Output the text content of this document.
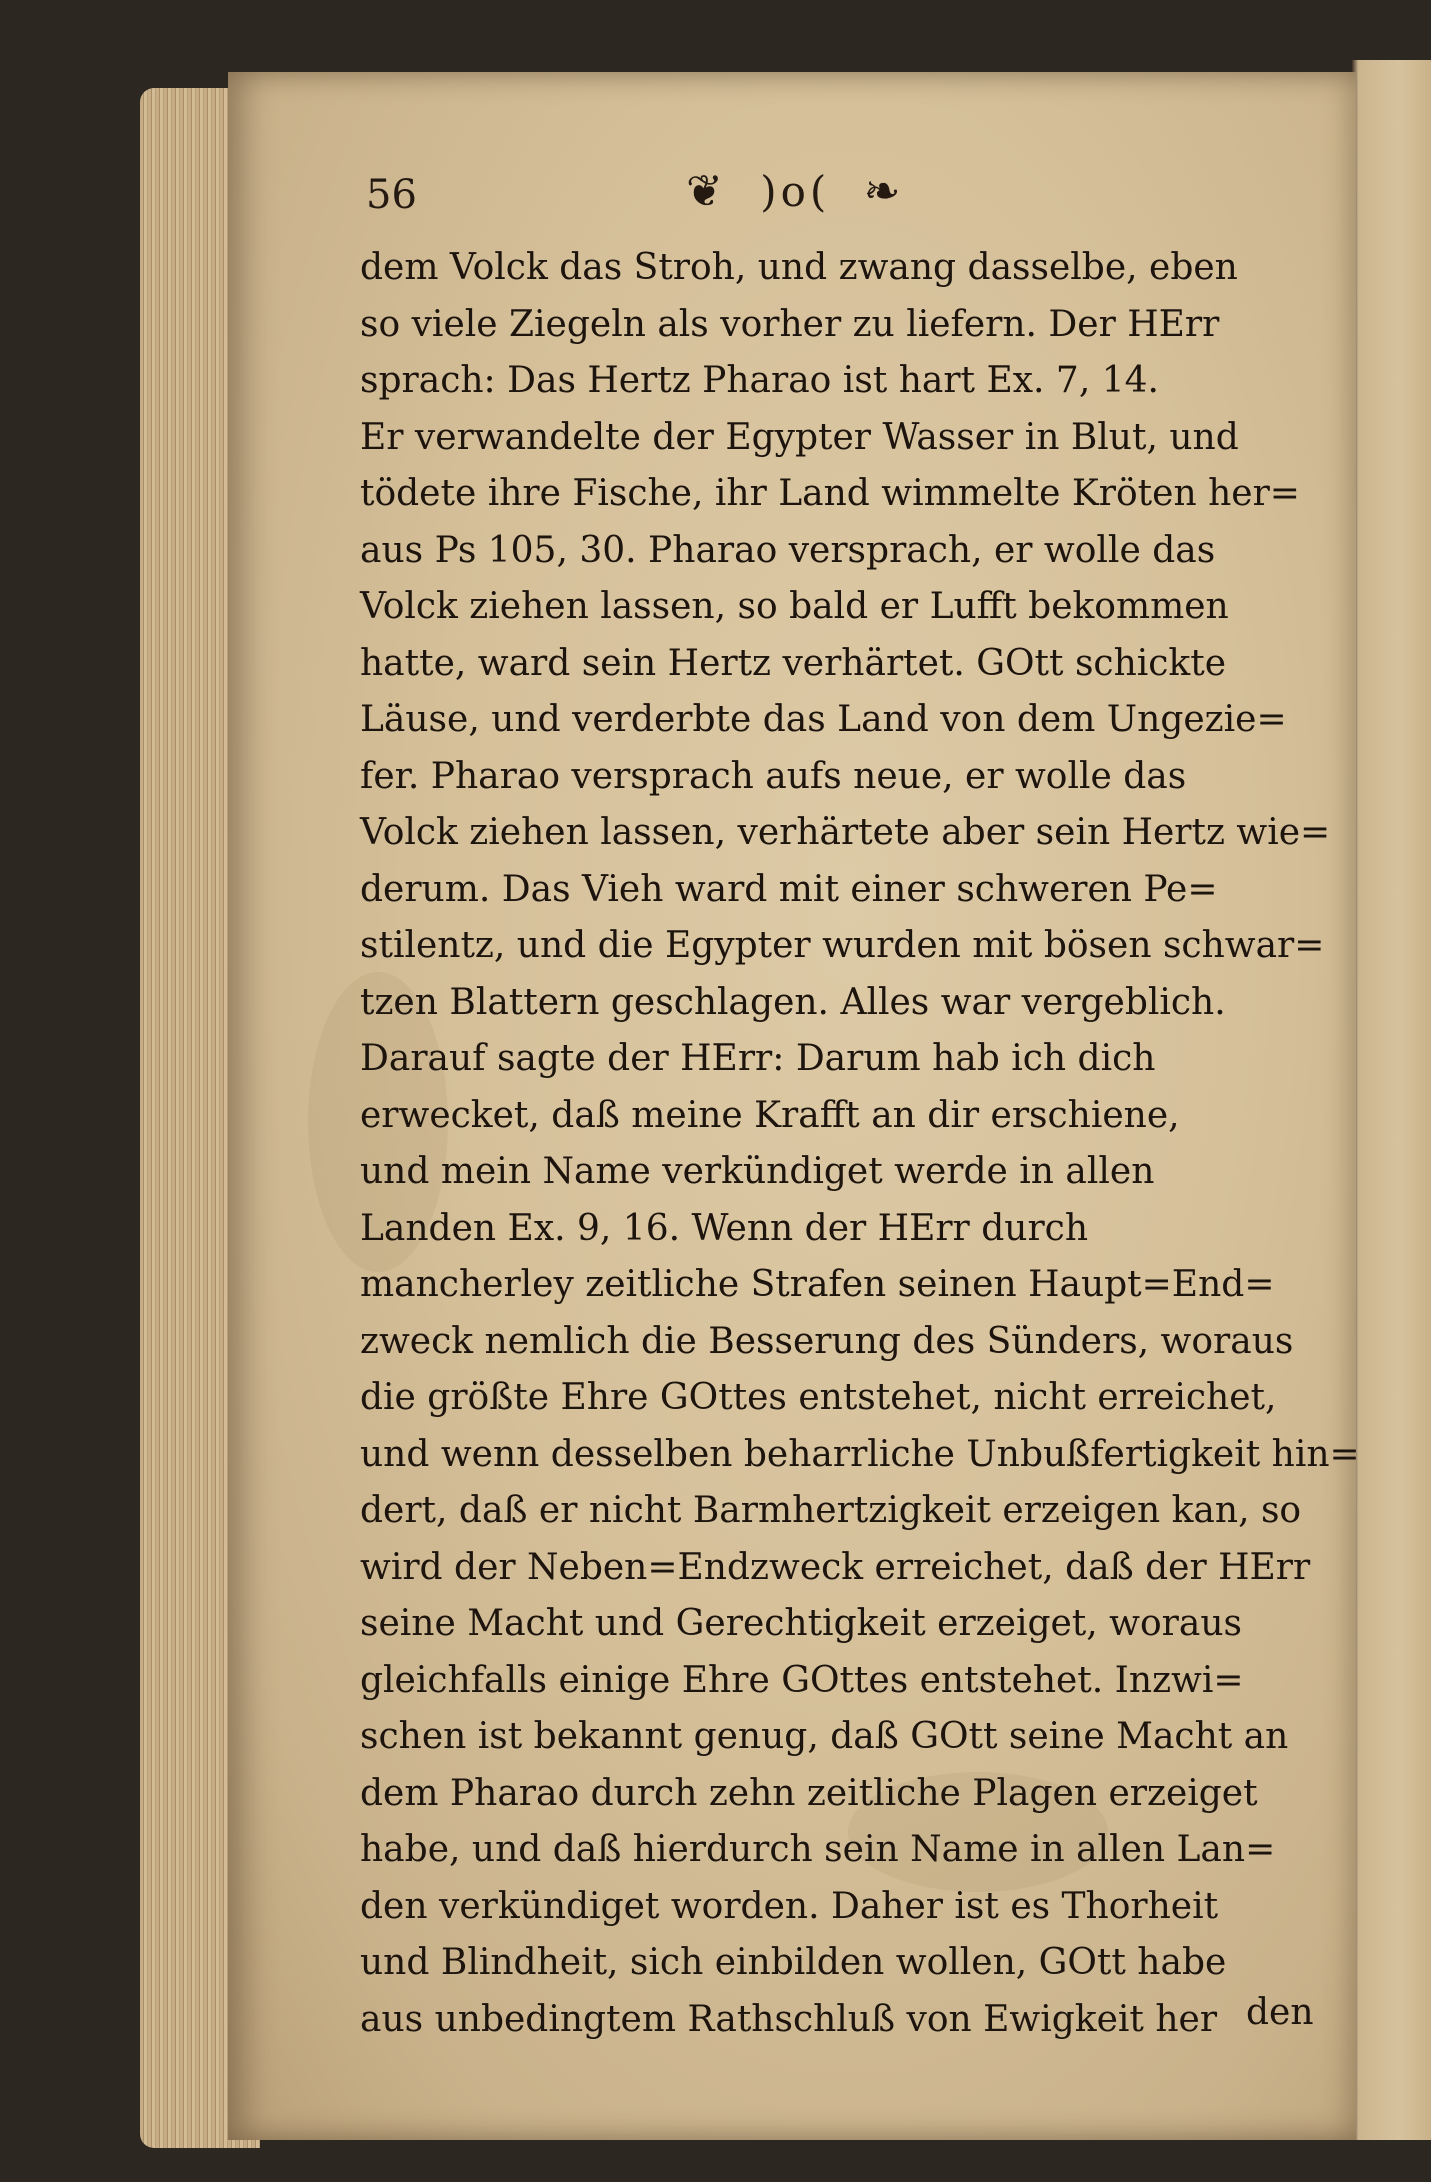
56	❦ )o( ❧
dem Volck das Stroh, und zwang dasselbe, eben
so viele Ziegeln als vorher zu liefern. Der HErr
sprach: Das Hertz Pharao ist hart Ex. 7, 14.
Er verwandelte der Egypter Wasser in Blut, und
tödete ihre Fische, ihr Land wimmelte Kröten her=
aus Ps 105, 30. Pharao versprach, er wolle das
Volck ziehen lassen, so bald er Lufft bekommen
hatte, ward sein Hertz verhärtet. GOtt schickte
Läuse, und verderbte das Land von dem Ungezie=
fer. Pharao versprach aufs neue, er wolle das
Volck ziehen lassen, verhärtete aber sein Hertz wie=
derum. Das Vieh ward mit einer schweren Pe=
stilentz, und die Egypter wurden mit bösen schwar=
tzen Blattern geschlagen. Alles war vergeblich.
Darauf sagte der HErr: Darum hab ich dich
erwecket, daß meine Krafft an dir erschiene,
und mein Name verkündiget werde in allen
Landen Ex. 9, 16. Wenn der HErr durch
mancherley zeitliche Strafen seinen Haupt=End=
zweck nemlich die Besserung des Sünders, woraus
die größte Ehre GOttes entstehet, nicht erreichet,
und wenn desselben beharrliche Unbußfertigkeit hin=
dert, daß er nicht Barmhertzigkeit erzeigen kan, so
wird der Neben=Endzweck erreichet, daß der HErr
seine Macht und Gerechtigkeit erzeiget, woraus
gleichfalls einige Ehre GOttes entstehet. Inzwi=
schen ist bekannt genug, daß GOtt seine Macht an
dem Pharao durch zehn zeitliche Plagen erzeiget
habe, und daß hierdurch sein Name in allen Lan=
den verkündiget worden. Daher ist es Thorheit
und Blindheit, sich einbilden wollen, GOtt habe
aus unbedingtem Rathschluß von Ewigkeit her den
